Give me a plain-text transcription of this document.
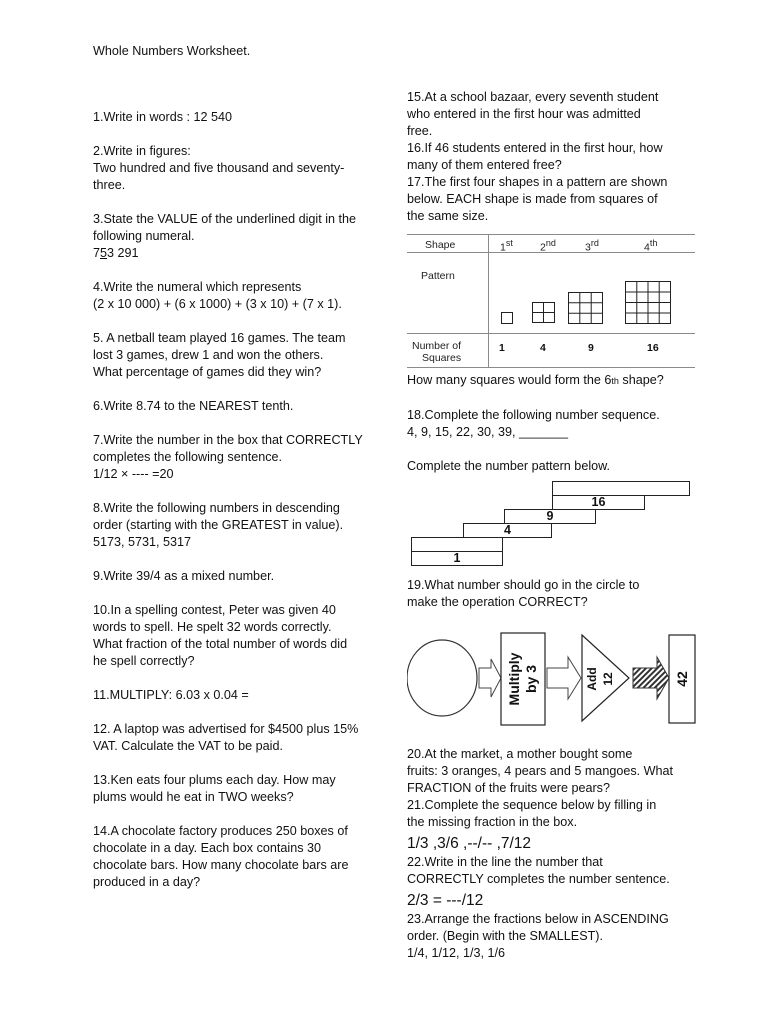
Whole Numbers Worksheet.

1.Write in words : 12 540

2.Write in figures:

Two hundred and five thousand and seventy-

three.

3.State the VALUE of the underlined digit in the

following numeral.

753 291

4.Write the numeral which represents

(2 x 10 000) + (6 x 1000) + (3 x 10) + (7 x 1).

5. A netball team played 16 games. The team

lost 3 games, drew 1 and won the others.

What percentage of games did they win?

6.Write 8.74 to the NEAREST tenth.

7.Write the number in the box that CORRECTLY

completes the following sentence.

1/12 × ---- =20

8.Write the following numbers in descending

order (starting with the GREATEST in value).

5173, 5731, 5317

9.Write 39/4 as a mixed number.

10.In a spelling contest, Peter was given 40

words to spell. He spelt 32 words correctly.

What fraction of the total number of words did

he spell correctly?

11.MULTIPLY: 6.03 x 0.04 =

12. A laptop was advertised for $4500 plus 15%

VAT. Calculate the VAT to be paid.

13.Ken eats four plums each day. How may

plums would he eat in TWO weeks?

14.A chocolate factory produces 250 boxes of

chocolate in a day. Each box contains 30

chocolate bars. How many chocolate bars are

produced in a day?

15.At a school bazaar, every seventh student

who entered in the first hour was admitted

free.

16.If 46 students entered in the first hour, how

many of them entered free?

17.The first four shapes in a pattern are shown

below. EACH shape is made from squares of

the same size.

Shape	1st	2nd	3rd	4th
Pattern
Number of
Squares
1	4	9	16

How many squares would form the 6th shape?

18.Complete the following number sequence.

4, 9, 15, 22, 30, 39, _______

Complete the number pattern below.

16
9
4
1

19.What number should go in the circle to

make the operation CORRECT?

Multiply by 3	Add 12	42

20.At the market, a mother bought some

fruits: 3 oranges, 4 pears and 5 mangoes. What

FRACTION of the fruits were pears?

21.Complete the sequence below by filling in

the missing fraction in the box.

1/3 ,3/6 ,--/-- ,7/12

22.Write in the line the number that

CORRECTLY completes the number sentence.

2/3 = ---/12

23.Arrange the fractions below in ASCENDING

order. (Begin with the SMALLEST).

1/4, 1/12, 1/3, 1/6
